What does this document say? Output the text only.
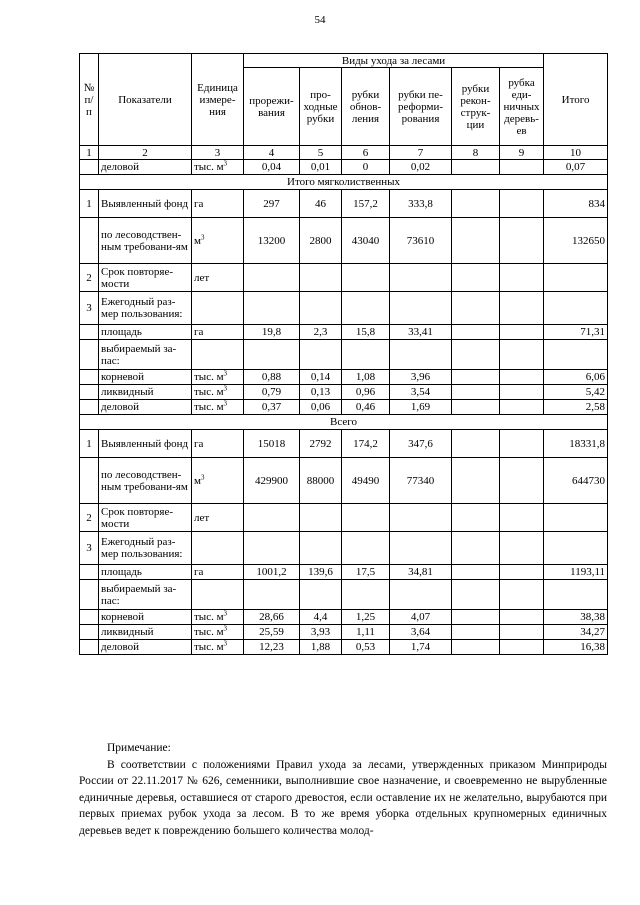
54
№ п/п	Показатели	Единица измере-ния	Виды ухода за лесами						Итого
			прорежи-вания	про-ходные рубки	рубки обнов-ления	рубки пе-реформи-рования	рубки рекон-струк-ции	рубка еди-ничных деревь-ев	
1	2	3	4	5	6	7	8	9	10
	деловой	тыс. $м^3$	0,04	0,01	0	0,02			0,07
Итого мягколиственных									
1	Выявленный фонд	га	297	46	157,2	333,8			834
	по лесоводствен-ным требовани-ям	$м^3$	13200	2800	43040	73610			132650
2	Срок повторяе-мости	лет							
3	Ежегодный раз-мер пользования:								
	площадь	га	19,8	2,3	15,8	33,41			71,31
	выбираемый за-пас:								
	корневой	тыс. $м^3$	0,88	0,14	1,08	3,96			6,06
	ликвидный	тыс. $м^3$	0,79	0,13	0,96	3,54			5,42
	деловой	тыс. $м^3$	0,37	0,06	0,46	1,69			2,58
Всего									
1	Выявленный фонд	га	15018	2792	174,2	347,6			18331,8
	по лесоводствен-ным требовани-ям	$м^3$	429900	88000	49490	77340			644730
2	Срок повторяе-мости	лет							
3	Ежегодный раз-мер пользования:								
	площадь	га	1001,2	139,6	17,5	34,81			1193,11
	выбираемый за-пас:								
	корневой	тыс. $м^3$	28,66	4,4	1,25	4,07			38,38
	ликвидный	тыс. $м^3$	25,59	3,93	1,11	3,64			34,27
	деловой	тыс. $м^3$	12,23	1,88	0,53	1,74			16,38
Примечание:
В соответствии с положениями Правил ухода за лесами, утвержденных приказом Минприроды России от 22.11.2017 № 626, семенники, выполнившие свое назначение, и своевременно не вырубленные единичные деревья, оставшиеся от старого древостоя, если оставление их не желательно, вырубаются при первых приемах рубок ухода за лесом. В то же время уборка отдельных крупномерных единичных деревьев ведет к повреждению большего количества молод-
